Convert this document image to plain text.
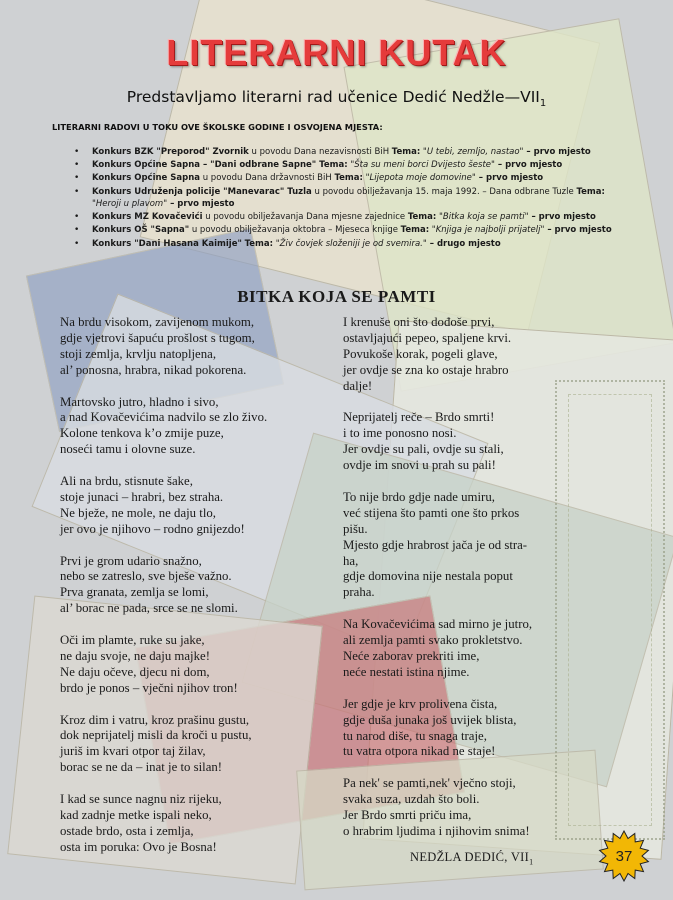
LITERARNI KUTAK
Predstavljamo literarni rad učenice Dedić $Nedžle—VII_1$
LITERARNI RADOVI U TOKU OVE ŠKOLSKE GODINE I OSVOJENA MJESTA:
• Konkurs BZK "Preporod" Zvornik u povodu Dana nezavisnosti BiH Tema: "U tebi, zemljo, nastao" – prvo mjesto
• Konkurs Općine Sapna – "Dani odbrane Sapne" Tema: "Šta su meni borci Dvijesto šeste" – prvo mjesto
• Konkurs Općine Sapna u povodu Dana državnosti BiH Tema: "Lijepota moje domovine" – prvo mjesto
• Konkurs Udruženja policije "Manevarac" Tuzla u povodu obilježavanja 15. maja 1992. – Dana odbrane Tuzle Tema: "Heroji u plavom" – prvo mjesto
• Konkurs MZ Kovačevići u povodu obilježavanja Dana mjesne zajednice Tema: "Bitka koja se pamti" – prvo mjesto
• Konkurs OŠ "Sapna" u povodu obilježavanja oktobra – Mjeseca knjige Tema: "Knjiga je najbolji prijatelj" – prvo mjesto
• Konkurs "Dani Hasana Kaimije" Tema: "Živ čovjek složeniji je od svemira." – drugo mjesto
BITKA KOJA SE PAMTI
Na brdu visokom, zavijenom mukom,
gdje vjetrovi šapuću prošlost s tugom,
stoji zemlja, krvlju natopljena,
al’ ponosna, hrabra, nikad pokorena.
Martovsko jutro, hladno i sivo,
a nad Kovačevićima nadvilo se zlo živo.
Kolone tenkova k’o zmije puze,
noseći tamu i olovne suze.
Ali na brdu, stisnute šake,
stoje junaci – hrabri, bez straha.
Ne bježe, ne mole, ne daju tlo,
jer ovo je njihovo – rodno gnijezdo!
Prvi je grom udario snažno,
nebo se zatreslo, sve bješe važno.
Prva granata, zemlja se lomi,
al’ borac ne pada, srce se ne slomi.
Oči im plamte, ruke su jake,
ne daju svoje, ne daju majke!
Ne daju očeve, djecu ni dom,
brdo je ponos – vječni njihov tron!
Kroz dim i vatru, kroz prašinu gustu,
dok neprijatelj misli da kroči u pustu,
juriš im kvari otpor taj žilav,
borac se ne da – inat je to silan!
I kad se sunce nagnu niz rijeku,
kad zadnje metke ispali neko,
ostade brdo, osta i zemlja,
osta im poruka: Ovo je Bosna!
I krenuše oni što dođoše prvi,
ostavljajući pepeo, spaljene krvi.
Povukoše korak, pogeli glave,
jer ovdje se zna ko ostaje hrabro
dalje!
Neprijatelj reče – Brdo smrti!
i to ime ponosno nosi.
Jer ovdje su pali, ovdje su stali,
ovdje im snovi u prah su pali!
To nije brdo gdje nade umiru,
već stijena što pamti one što prkos
pišu.
Mjesto gdje hrabrost jača je od stra-
ha,
gdje domovina nije nestala poput
praha.
Na Kovačevićima sad mirno je jutro,
ali zemlja pamti svako prokletstvo.
Neće zaborav prekriti ime,
neće nestati istina njime.
Jer gdje je krv prolivena čista,
gdje duša junaka još uvijek blista,
tu narod diše, tu snaga traje,
tu vatra otpora nikad ne staje!
Pa nek' se pamti,nek' vječno stoji,
svaka suza, uzdah što boli.
Jer Brdo smrti priču ima,
o hrabrim ljudima i njihovim snima!
NEDŽLA DEDIĆ, $VII_1$	37
